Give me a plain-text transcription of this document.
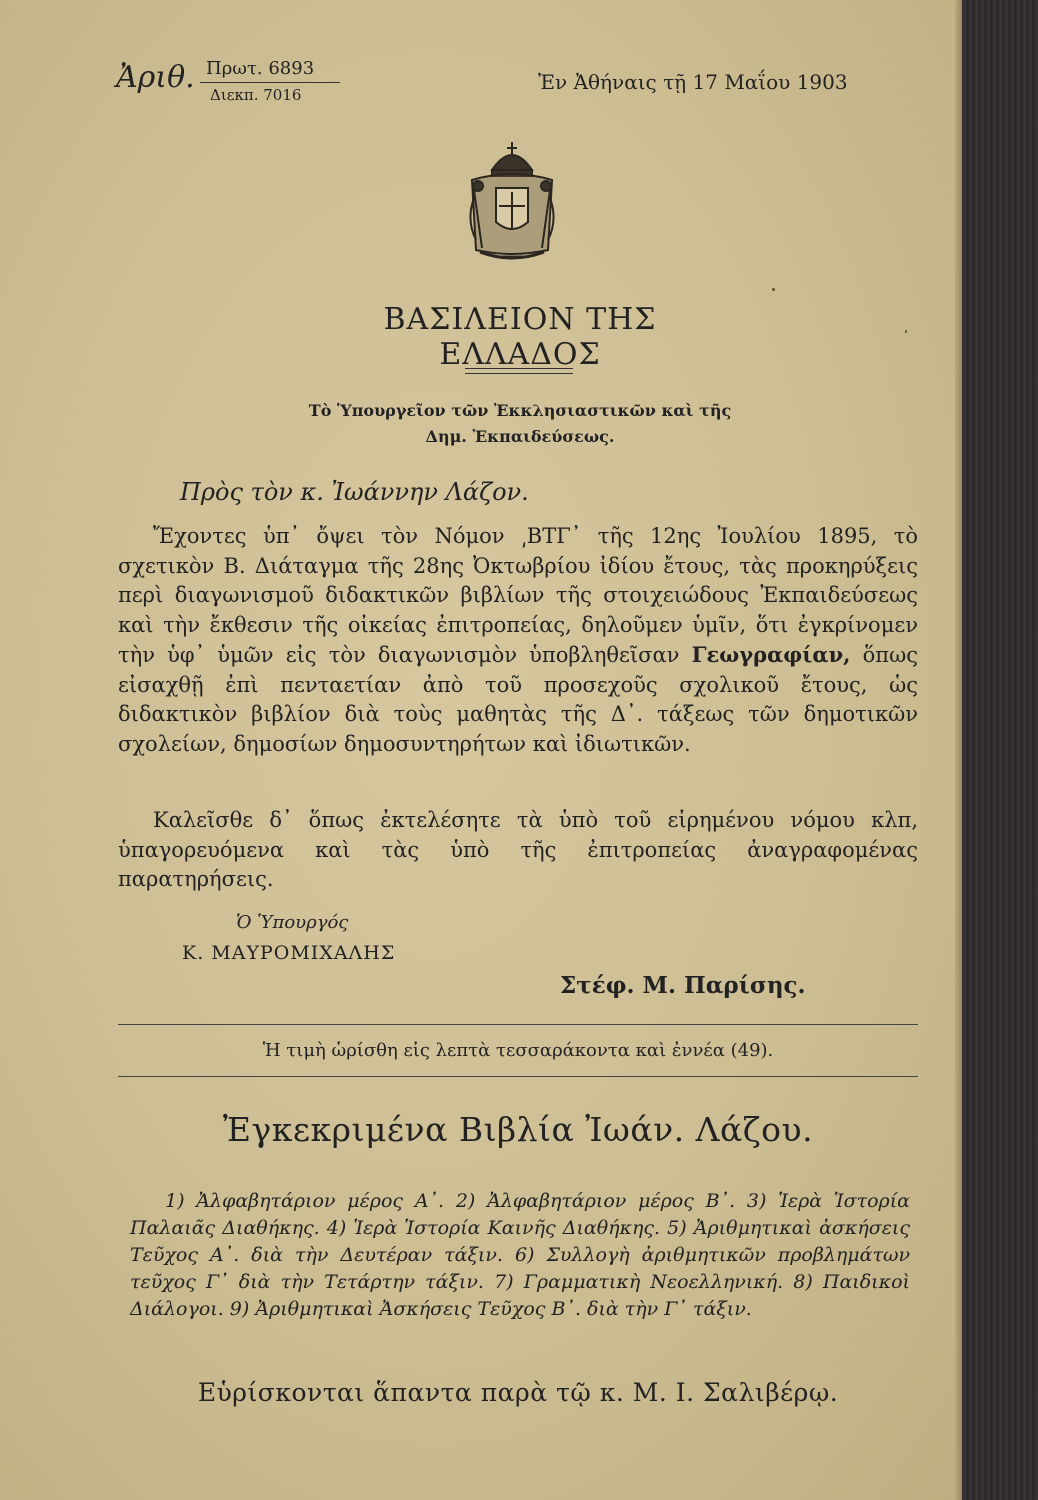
Ἀριθ. Πρωτ. 6893
Διεκπ. 7016
Ἐν Ἀθήναις τῇ 17 Μαΐου 1903
ΒΑΣΙΛΕΙΟΝ ΤΗΣ ΕΛΛΑΔΟΣ
Τὸ Ὑπουργεῖον τῶν Ἐκκλησιαστικῶν καὶ τῆς
Δημ. Ἐκπαιδεύσεως.
Πρὸς τὸν κ. Ἰωάννην Λάζον.

Ἔχοντες ὑπ᾽ ὄψει τὸν Νόμον ͵ΒΤΓ᾽ τῆς 12ης Ἰουλίου 1895, τὸ σχετικὸν Β. Διάταγμα τῆς 28ης Ὀκτωβρίου ἰδίου ἔτους, τὰς προκηρύξεις περὶ διαγωνισμοῦ διδακτικῶν βιβλίων τῆς στοιχειώδους Ἐκπαιδεύσεως καὶ τὴν ἔκθεσιν τῆς οἰκείας ἐπιτροπείας, δηλοῦμεν ὑμῖν, ὅτι ἐγκρίνομεν τὴν ὑφ᾽ ὑμῶν εἰς τὸν διαγωνισμὸν ὑποβληθεῖσαν Γεωγραφίαν, ὅπως εἰσαχθῇ ἐπὶ πενταετίαν ἀπὸ τοῦ προσεχοῦς σχολικοῦ ἔτους, ὡς διδακτικὸν βιβλίον διὰ τοὺς μαθητὰς τῆς Δ᾽. τάξεως τῶν δημοτικῶν σχολείων, δημοσίων δημοσυντηρήτων καὶ ἰδιωτικῶν.

Καλεῖσθε δ᾽ ὅπως ἐκτελέσητε τὰ ὑπὸ τοῦ εἰρημένου νόμου κλπ, ὑπαγορευόμενα καὶ τὰς ὑπὸ τῆς ἐπιτροπείας ἀναγραφομένας παρατηρήσεις.

Ὁ Ὑπουργός
Κ. ΜΑΥΡΟΜΙΧΑΛΗΣ
Στέφ. Μ. Παρίσης.
Ἡ τιμὴ ὡρίσθη εἰς λεπτὰ τεσσαράκοντα καὶ ἐννέα (49).
Ἐγκεκριμένα Βιβλία Ἰωάν. Λάζου.

1) Ἀλφαβητάριον μέρος Α᾽. 2) Ἀλφαβητάριον μέρος Β᾽. 3) Ἱερὰ Ἱστορία Παλαιᾶς Διαθήκης. 4) Ἱερὰ Ἱστορία Καινῆς Διαθήκης. 5) Ἀριθμητικαὶ ἀσκήσεις Τεῦχος Α᾽. διὰ τὴν Δευτέραν τάξιν. 6) Συλλογὴ ἀριθμητικῶν προβλημάτων τεῦχος Γ᾽ διὰ τὴν Τετάρτην τάξιν. 7) Γραμματικὴ Νεοελληνική. 8) Παιδικοὶ Διάλογοι. 9) Ἀριθμητικαὶ Ἀσκήσεις Τεῦχος Β᾽. διὰ τὴν Γ᾽ τάξιν.

Εὑρίσκονται ἅπαντα παρὰ τῷ κ. Μ. Ι. Σαλιβέρῳ.
